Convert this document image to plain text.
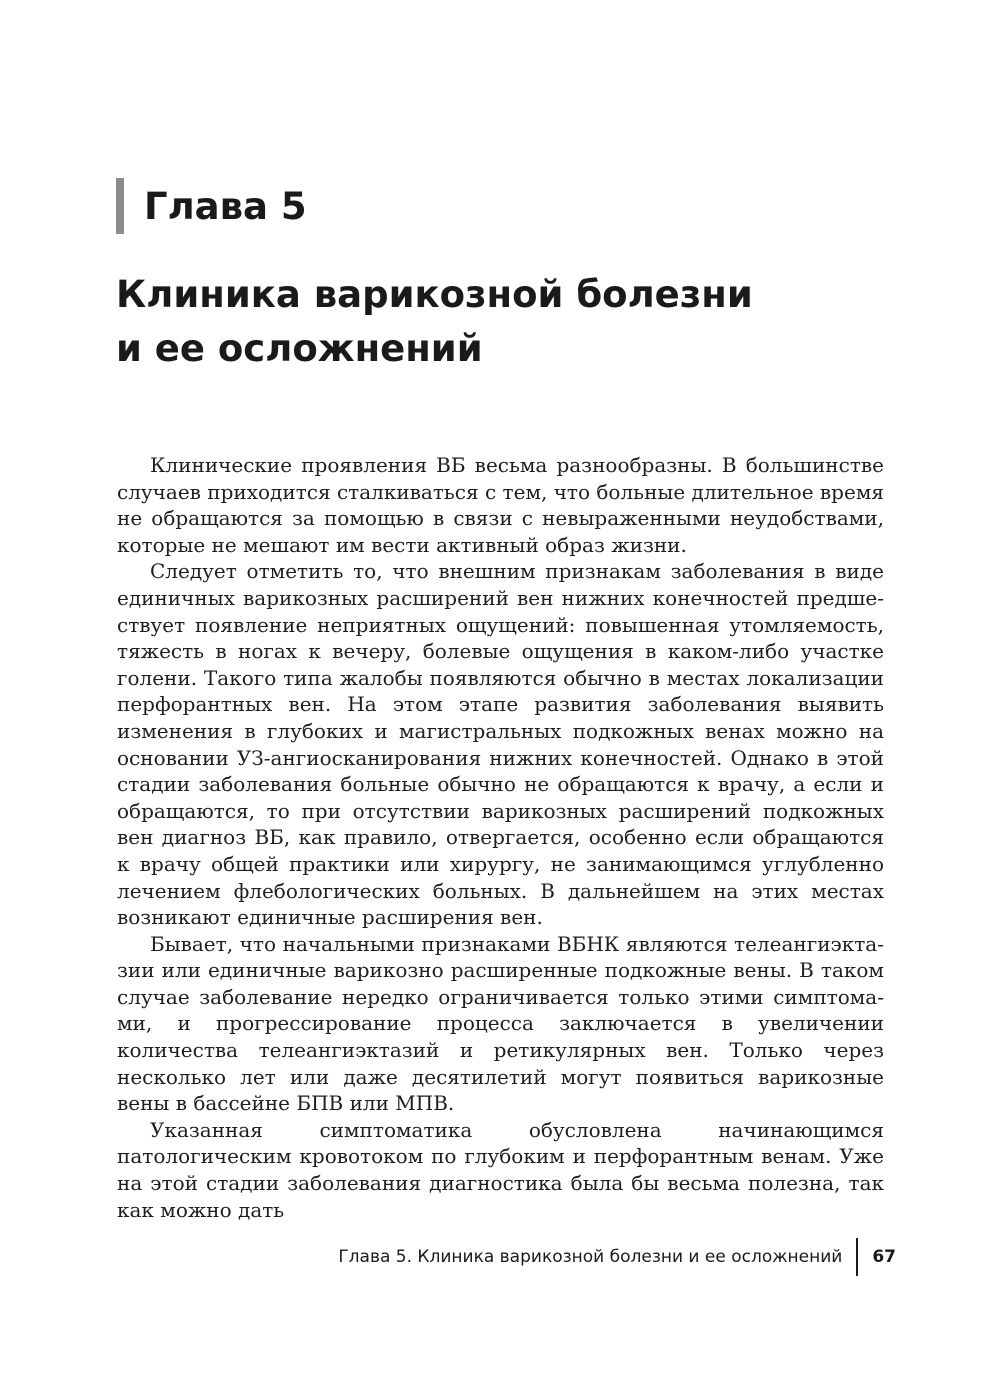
Глава 5
Клиника варикозной болезни
и ее осложнений

Клинические проявления ВБ весьма разнообразны. В большинстве случаев приходится сталкиваться с тем, что больные длительное время не обращаются за помощью в связи с невыраженными неудобствами, которые не мешают им вести активный образ жизни.

Следует отметить то, что внешним признакам заболевания в виде единичных варикозных расширений вен нижних конечностей предшествует появление неприятных ощущений: повышенная утомляемость, тяжесть в ногах к вечеру, болевые ощущения в каком-либо участке голени. Такого типа жалобы появляются обычно в местах локализации перфорантных вен. На этом этапе развития заболевания выявить изменения в глубоких и магистральных подкожных венах можно на основании УЗ-ангиосканирования нижних конечностей. Однако в этой стадии заболевания больные обычно не обращаются к врачу, а если и обращаются, то при отсутствии варикозных расширений подкожных вен диагноз ВБ, как правило, отвергается, особенно если обращаются к врачу общей практики или хирургу, не занимающимся углубленно лечением флебологических больных. В дальнейшем на этих местах возникают единичные расширения вен.

Бывает, что начальными признаками ВБНК являются телеангиэктазии или единичные варикозно расширенные подкожные вены. В таком случае заболевание нередко ограничивается только этими симптомами, и прогрессирование процесса заключается в увеличении количества телеангиэктазий и ретикулярных вен. Только через несколько лет или даже десятилетий могут появиться варикозные вены в бассейне БПВ или МПВ.

Указанная симптоматика обусловлена начинающимся патологическим кровотоком по глубоким и перфорантным венам. Уже на этой стадии заболевания диагностика была бы весьма полезна, так как можно дать

Глава 5. Клиника варикозной болезни и ее осложнений	67
